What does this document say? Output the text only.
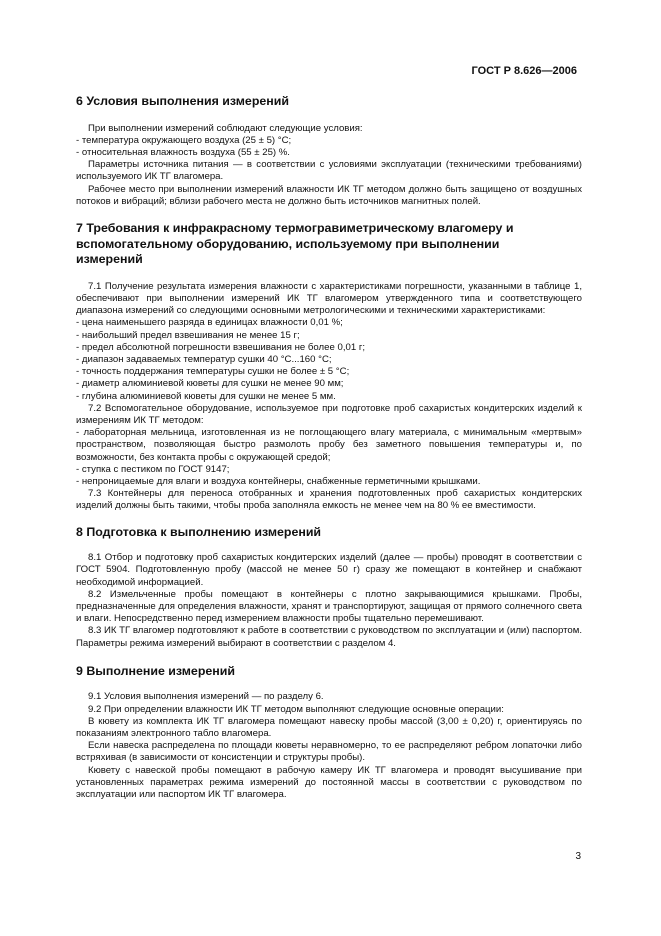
ГОСТ Р 8.626—2006
6 Условия выполнения измерений
При выполнении измерений соблюдают следующие условия:
- температура окружающего воздуха (25 ± 5) °С;
- относительная влажность воздуха (55 ± 25) %.
Параметры источника питания — в соответствии с условиями эксплуатации (техническими требованиями) используемого ИК ТГ влагомера.
Рабочее место при выполнении измерений влажности ИК ТГ методом должно быть защищено от воздушных потоков и вибраций; вблизи рабочего места не должно быть источников магнитных полей.
7 Требования к инфракрасному термогравиметрическому влагомеру и вспомогательному оборудованию, используемому при выполнении измерений
7.1 Получение результата измерения влажности с характеристиками погрешности, указанными в таблице 1, обеспечивают при выполнении измерений ИК ТГ влагомером утвержденного типа и соответствующего диапазона измерений со следующими основными метрологическими и техническими характеристиками:
- цена наименьшего разряда в единицах влажности 0,01 %;
- наибольший предел взвешивания не менее 15 г;
- предел абсолютной погрешности взвешивания не более 0,01 г;
- диапазон задаваемых температур сушки 40 °С...160 °С;
- точность поддержания температуры сушки не более ± 5 °С;
- диаметр алюминиевой кюветы для сушки не менее 90 мм;
- глубина алюминиевой кюветы для сушки не менее 5 мм.
7.2 Вспомогательное оборудование, используемое при подготовке проб сахаристых кондитерских изделий к измерениям ИК ТГ методом:
- лабораторная мельница, изготовленная из не поглощающего влагу материала, с минимальным «мертвым» пространством, позволяющая быстро размолоть пробу без заметного повышения температуры и, по возможности, без контакта пробы с окружающей средой;
- ступка с пестиком по ГОСТ 9147;
- непроницаемые для влаги и воздуха контейнеры, снабженные герметичными крышками.
7.3 Контейнеры для переноса отобранных и хранения подготовленных проб сахаристых кондитерских изделий должны быть такими, чтобы проба заполняла емкость не менее чем на 80 % ее вместимости.
8 Подготовка к выполнению измерений
8.1 Отбор и подготовку проб сахаристых кондитерских изделий (далее — пробы) проводят в соответствии с ГОСТ 5904. Подготовленную пробу (массой не менее 50 г) сразу же помещают в контейнер и снабжают необходимой информацией.
8.2 Измельченные пробы помещают в контейнеры с плотно закрывающимися крышками. Пробы, предназначенные для определения влажности, хранят и транспортируют, защищая от прямого солнечного света и влаги. Непосредственно перед измерением влажности пробы тщательно перемешивают.
8.3 ИК ТГ влагомер подготовляют к работе в соответствии с руководством по эксплуатации и (или) паспортом. Параметры режима измерений выбирают в соответствии с разделом 4.
9 Выполнение измерений
9.1 Условия выполнения измерений — по разделу 6.
9.2 При определении влажности ИК ТГ методом выполняют следующие основные операции:
В кювету из комплекта ИК ТГ влагомера помещают навеску пробы массой (3,00 ± 0,20) г, ориентируясь по показаниям электронного табло влагомера.
Если навеска распределена по площади кюветы неравномерно, то ее распределяют ребром лопаточки либо встряхивая (в зависимости от консистенции и структуры пробы).
Кювету с навеской пробы помещают в рабочую камеру ИК ТГ влагомера и проводят высушивание при установленных параметрах режима измерений до постоянной массы в соответствии с руководством по эксплуатации или паспортом ИК ТГ влагомера.
3
